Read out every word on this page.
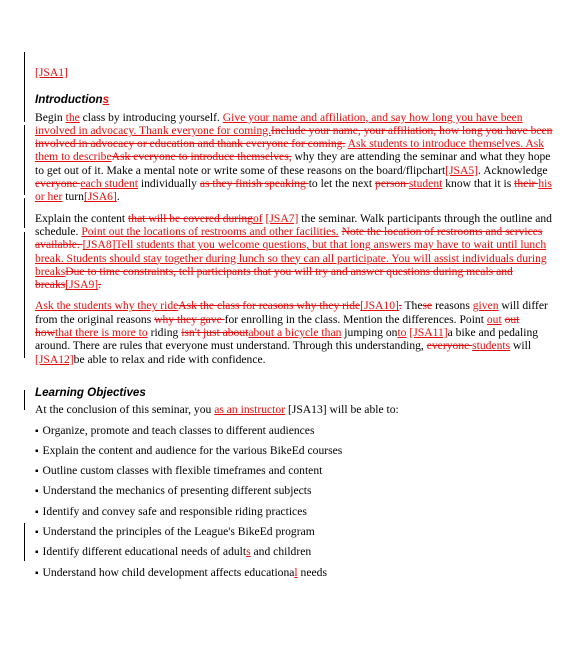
[JSA1]

Introductions

Begin the class by introducing yourself. Give your name and affiliation, and say how long you have been involved in advocacy. Thank everyone for coming.Include your name, your affiliation, how long you have been involved in advocacy or education and thank everyone for coming. Ask students to introduce themselves. Ask them to describeAsk everyone to introduce themselves, why they are attending the seminar and what they hope to get out of it. Make a mental note or write some of these reasons on the board/flipchart[JSA5]. Acknowledge everyone each student individually as they finish speaking to let the next person student know that it is their his or her turn[JSA6].

Explain the content that will be covered duringof [JSA7] the seminar. Walk participants through the outline and schedule. Point out the locations of restrooms and other facilities. Note the location of restrooms and services available. [JSA8]Tell students that you welcome questions, but that long answers may have to wait until lunch break. Students should stay together during lunch so they can all participate. You will assist individuals during breaksDue to time constraints, tell participants that you will try and answer questions during meals and breaks[JSA9].

Ask the students why they rideAsk the class for reasons why they ride[JSA10]. These reasons given will differ from the original reasons why they gave for enrolling in the class. Mention the differences. Point out out howthat there is more to riding isn't just aboutabout a bicycle than jumping onto [JSA11]a bike and pedaling around. There are rules that everyone must understand. Through this understanding, everyone students will [JSA12]be able to relax and ride with confidence.

Learning Objectives

At the conclusion of this seminar, you as an instructor [JSA13] will be able to:

▪ Organize, promote and teach classes to different audiences
▪ Explain the content and audience for the various BikeEd courses
▪ Outline custom classes with flexible timeframes and content
▪ Understand the mechanics of presenting different subjects
▪ Identify and convey safe and responsible riding practices
▪ Understand the principles of the League's BikeEd program
▪ Identify different educational needs of adults and children
▪ Understand how child development affects educational needs
